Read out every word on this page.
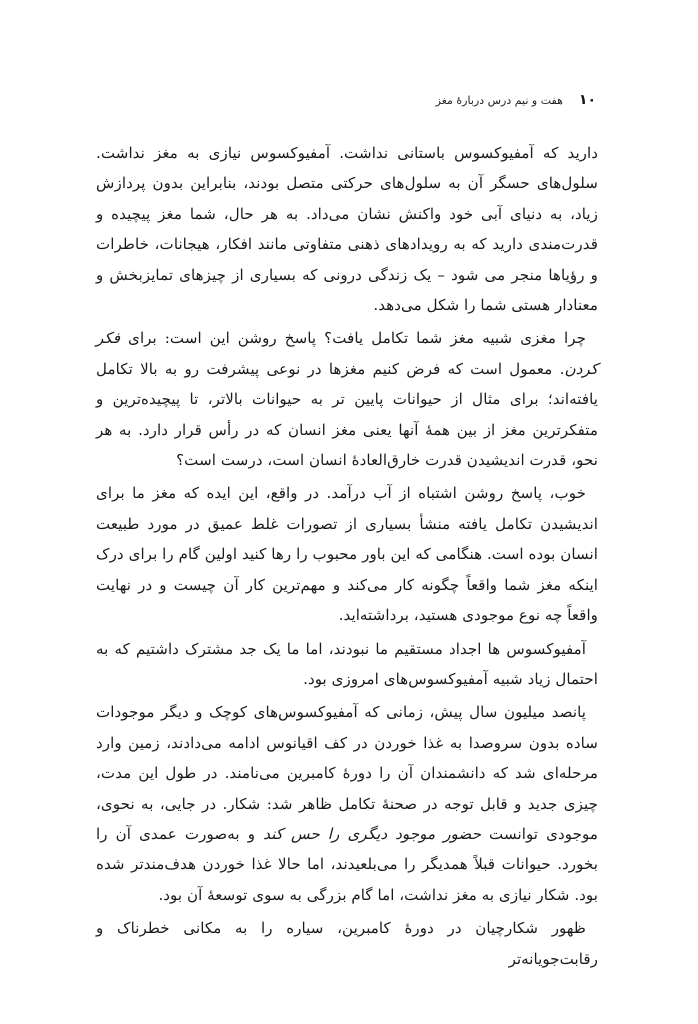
۱۰
هفت و نیم درس دربارهٔ مغز

دارید که آمفیوکسوس باستانی نداشت. آمفیوکسوس نیازی به مغز نداشت. سلول‌های حسگر آن به سلول‌های حرکتی متصل بودند، بنابراین بدون پردازش زیاد، به دنیای آبی خود واکنش نشان می‌داد. به هر حال، شما مغز پیچیده و قدرت‌مندی دارید که به رویدادهای ذهنی متفاوتی مانند افکار، هیجانات، خاطرات و رؤیاها منجر می شود – یک زندگی درونی که بسیاری از چیزهای تمایزبخش و معنادار هستی شما را شکل می‌دهد.

چرا مغزی شبیه مغز شما تکامل یافت؟ پاسخ روشن این است: برای فکر کردن. معمول است که فرض کنیم مغزها در نوعی پیشرفت رو به بالا تکامل یافته‌اند؛ برای مثال از حیوانات پایین تر به حیوانات بالاتر، تا پیچیده‌ترین و متفکرترین مغز از بین همهٔ آنها یعنی مغز انسان که در رأس قرار دارد. به هر نحو، قدرت اندیشیدن قدرت خارق‌العادهٔ انسان است، درست است؟

خوب، پاسخ روشن اشتباه از آب درآمد. در واقع، این ایده که مغز ما برای اندیشیدن تکامل یافته منشأ بسیاری از تصورات غلط عمیق در مورد طبیعت انسان بوده است. هنگامی که این باور محبوب را رها کنید اولین گام را برای درک اینکه مغز شما واقعاً چگونه کار می‌کند و مهم‌ترین کار آن چیست و در نهایت واقعاً چه نوع موجودی هستید، برداشته‌اید.

آمفیوکسوس ها اجداد مستقیم ما نبودند، اما ما یک جد مشترک داشتیم که به احتمال زیاد شبیه آمفیوکسوس‌های امروزی بود.

پانصد میلیون سال پیش، زمانی که آمفیوکسوس‌های کوچک و دیگر موجودات ساده بدون سروصدا به غذا خوردن در کف اقیانوس ادامه می‌دادند، زمین وارد مرحله‌ای شد که دانشمندان آن را دورهٔ کامبرین می‌نامند. در طول این مدت، چیزی جدید و قابل توجه در صحنهٔ تکامل ظاهر شد: شکار. در جایی، به نحوی، موجودی توانست حضور موجود دیگری را حس کند و به‌صورت عمدی آن را بخورد. حیوانات قبلاً همدیگر را می‌بلعیدند، اما حالا غذا خوردن هدف‌مندتر شده بود. شکار نیازی به مغز نداشت، اما گام بزرگی به سوی توسعهٔ آن بود.

ظهور شکارچیان در دورهٔ کامبرین، سیاره را به مکانی خطرناک و رقابت‌جویانه‌تر
